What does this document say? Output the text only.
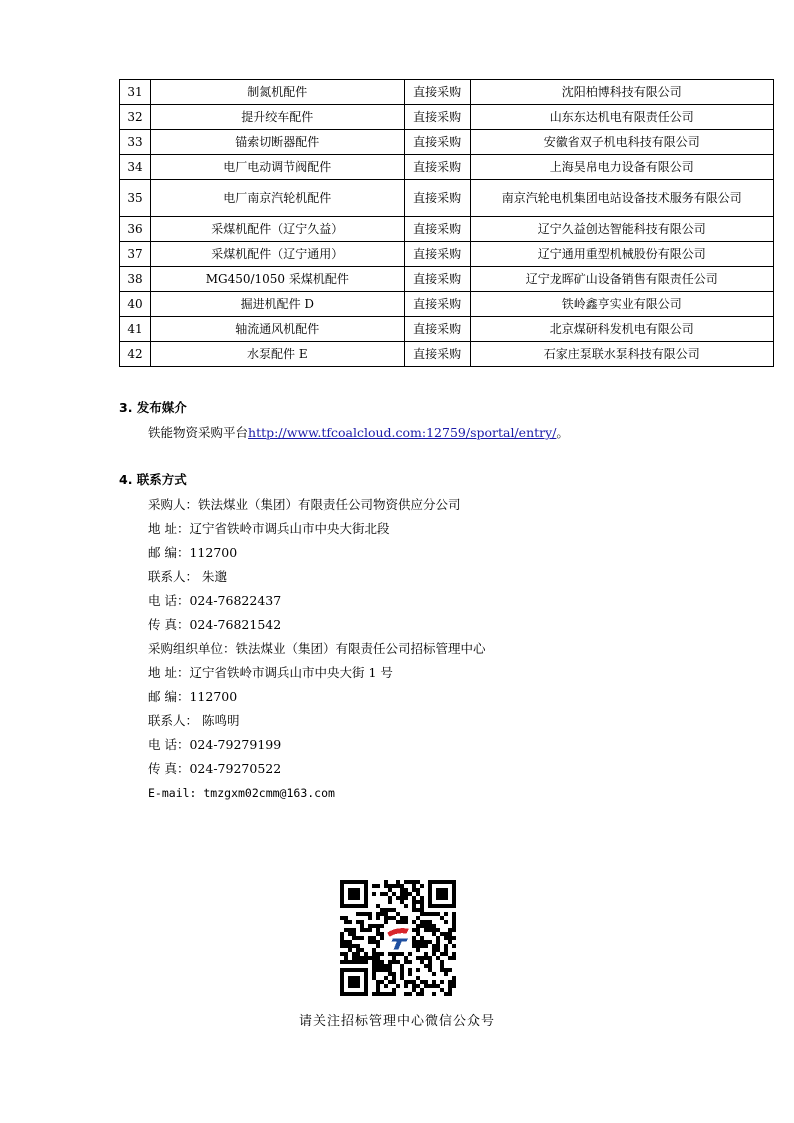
31	制氮机配件	直接采购	沈阳柏博科技有限公司
32	提升绞车配件	直接采购	山东东达机电有限责任公司
33	锚索切断器配件	直接采购	安徽省双子机电科技有限公司
34	电厂电动调节阀配件	直接采购	上海昊帛电力设备有限公司
35	电厂南京汽轮机配件	直接采购	南京汽轮电机集团电站设备技术服务有限公司
36	采煤机配件（辽宁久益）	直接采购	辽宁久益创达智能科技有限公司
37	采煤机配件（辽宁通用）	直接采购	辽宁通用重型机械股份有限公司
38	MG450/1050 采煤机配件	直接采购	辽宁龙晖矿山设备销售有限责任公司
40	掘进机配件 D	直接采购	铁岭鑫亨实业有限公司
41	轴流通风机配件	直接采购	北京煤研科发机电有限公司
42	水泵配件 E	直接采购	石家庄泵联水泵科技有限公司
3. 发布媒介
铁能物资采购平台http://www.tfcoalcloud.com:12759/sportal/entry/。
4. 联系方式
采购人：铁法煤业（集团）有限责任公司物资供应分公司
地 址：辽宁省铁岭市调兵山市中央大街北段
邮 编：112700
联系人： 朱邈
电 话：024-76822437
传 真：024-76821542
采购组织单位：铁法煤业（集团）有限责任公司招标管理中心
地 址：辽宁省铁岭市调兵山市中央大街 1 号
邮 编：112700
联系人： 陈鸣明
电 话：024-79279199
传 真：024-79270522
E-mail: tmzgxm02cmm@163.com
请关注招标管理中心微信公众号
